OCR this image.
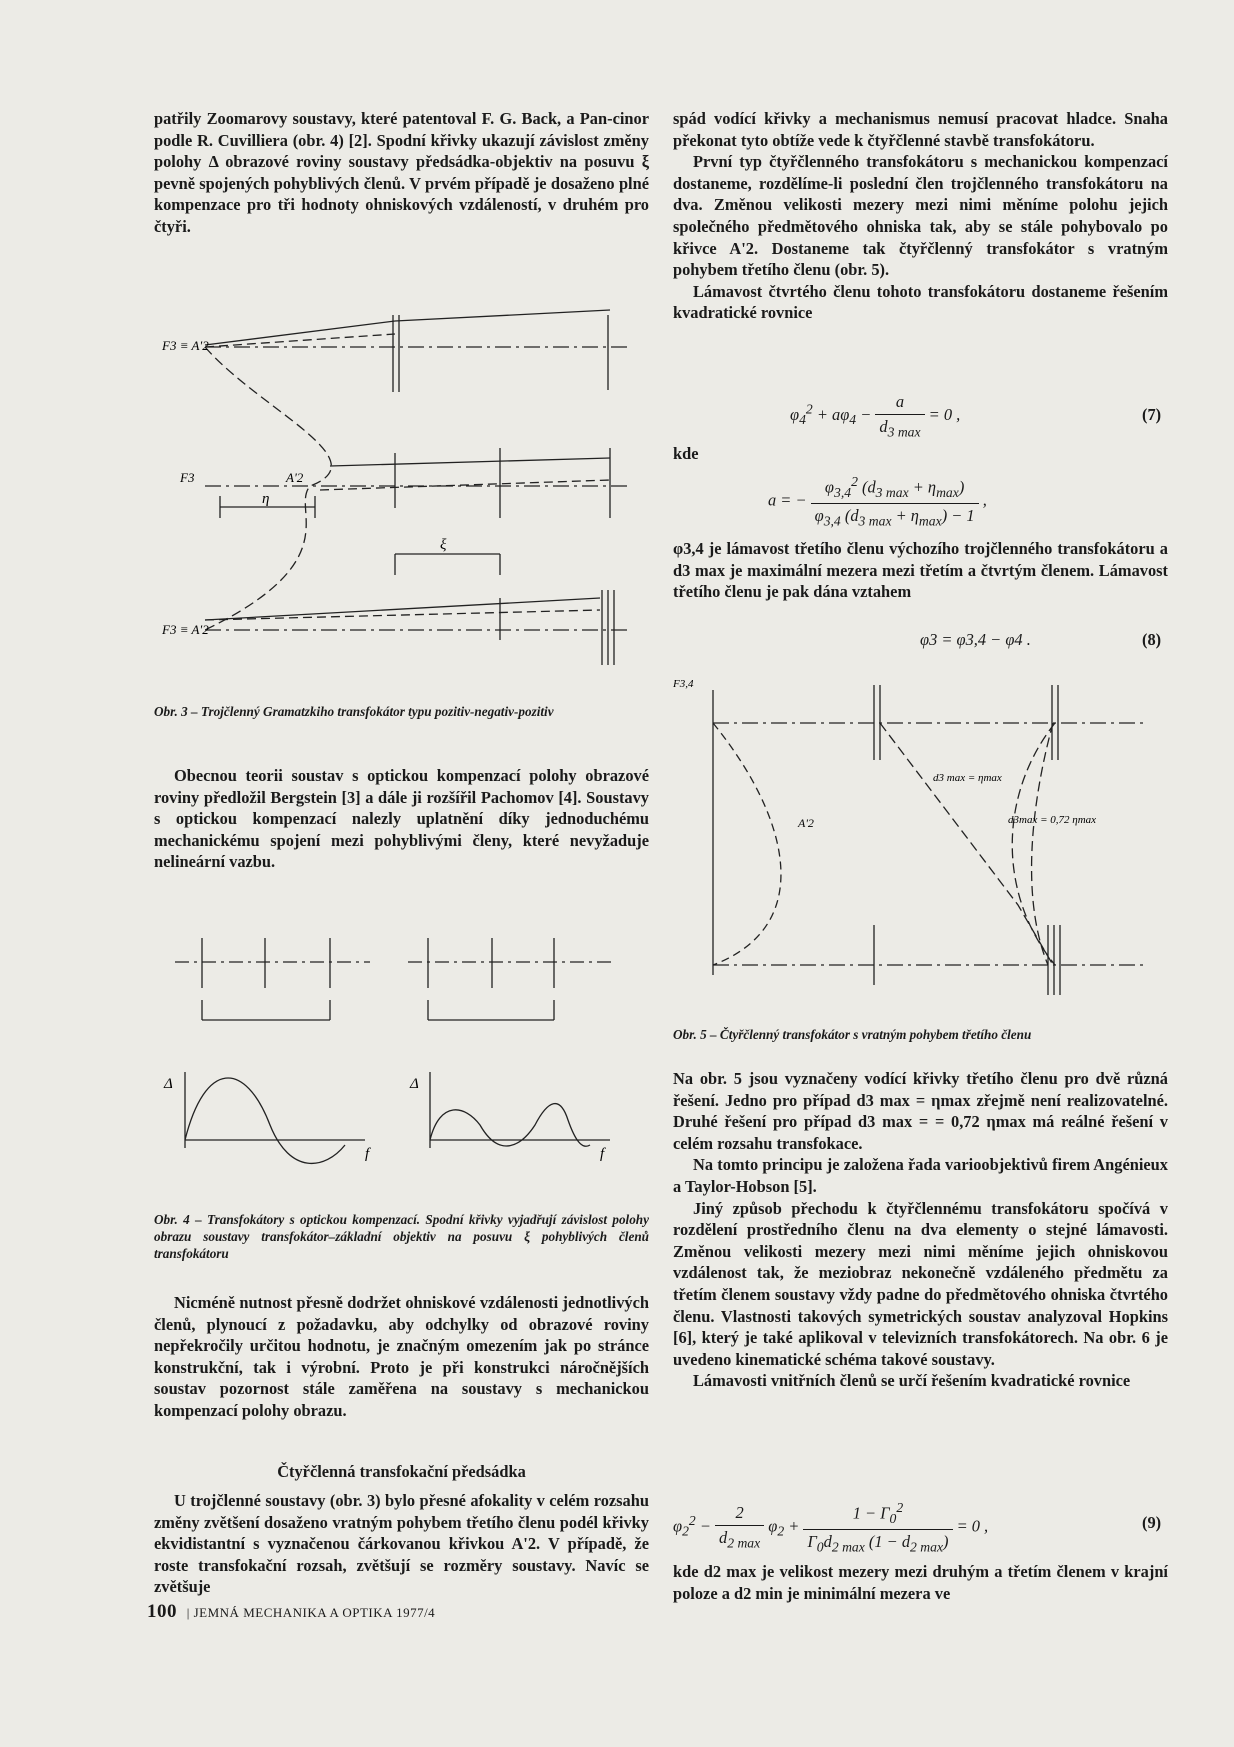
patřily Zoomarovy soustavy, které patentoval F. G. Back, a Pan-cinor podle R. Cuvilliera (obr. 4) [2]. Spodní křivky ukazují závislost změny polohy Δ obrazové roviny soustavy předsádka-objektiv na posuvu ξ pevně spojených pohyblivých členů. V prvém případě je dosaženo plné kompenzace pro tři hodnoty ohniskových vzdáleností, v druhém pro čtyři.

F3 ≡ A'2
F3	A'2
η
ξ
F3 ≡ A'2
Obr. 3 – Trojčlenný Gramatzkiho transfokátor typu pozitiv-negativ-pozitiv

Obecnou teorii soustav s optickou kompenzací polohy obrazové roviny předložil Bergstein [3] a dále ji rozšířil Pachomov [4]. Soustavy s optickou kompenzací nalezly uplatnění díky jednoduchému mechanickému spojení mezi pohyblivými členy, které nevyžaduje nelineární vazbu.

Δ
f
Δ
f
Obr. 4 – Transfokátory s optickou kompenzací. Spodní křivky vyjadřují závislost polohy obrazu soustavy transfokátor–základní objektiv na posuvu ξ pohyblivých členů transfokátoru

Nicméně nutnost přesně dodržet ohniskové vzdálenosti jednotlivých členů, plynoucí z požadavku, aby odchylky od obrazové roviny nepřekročily určitou hodnotu, je značným omezením jak po stránce konstrukční, tak i výrobní. Proto je při konstrukci náročnějších soustav pozornost stále zaměřena na soustavy s mechanickou kompenzací polohy obrazu.

Čtyřčlenná transfokační předsádka

U trojčlenné soustavy (obr. 3) bylo přesné afokality v celém rozsahu změny zvětšení dosaženo vratným pohybem třetího členu podél křivky ekvidistantní s vyznačenou čárkovanou křivkou A'2. V případě, že roste transfokační rozsah, zvětšují se rozměry soustavy. Navíc se zvětšuje

spád vodící křivky a mechanismus nemusí pracovat hladce. Snaha překonat tyto obtíže vede k čtyřčlenné stavbě transfokátoru.

První typ čtyřčlenného transfokátoru s mechanickou kompenzací dostaneme, rozdělíme-li poslední člen trojčlenného transfokátoru na dva. Změnou velikosti mezery mezi nimi měníme polohu jejich společného předmětového ohniska tak, aby se stále pohybovalo po křivce A'2. Dostaneme tak čtyřčlenný transfokátor s vratným pohybem třetího členu (obr. 5).

Lámavost čtvrtého členu tohoto transfokátoru dostaneme řešením kvadratické rovnice

$\varphi_4^2 + a\varphi_4 - \frac{a}{d_{3 max}} = 0$ ,	(7)
kde
a = − $\frac{\varphi_{3,4}^2 (d_{3 max} + \eta_{max})}{\varphi_{3,4} (d_{3 max} + \eta_{max}) - 1}$ ,

φ3,4 je lámavost třetího členu výchozího trojčlenného transfokátoru a d3 max je maximální mezera mezi třetím a čtvrtým členem. Lámavost třetího členu je pak dána vztahem

φ3 = φ3,4 − φ4 .	(8)
F3,4
A'2
d3 max = ηmax
d3max = 0,72 ηmax
Obr. 5 – Čtyřčlenný transfokátor s vratným pohybem třetího členu

Na obr. 5 jsou vyznačeny vodící křivky třetího členu pro dvě různá řešení. Jedno pro případ d3 max = ηmax zřejmě není realizovatelné. Druhé řešení pro případ d3 max = = 0,72 ηmax má reálné řešení v celém rozsahu transfokace.

Na tomto principu je založena řada varioobjektivů firem Angénieux a Taylor-Hobson [5].

Jiný způsob přechodu k čtyřčlennému transfokátoru spočívá v rozdělení prostředního členu na dva elementy o stejné lámavosti. Změnou velikosti mezery mezi nimi měníme jejich ohniskovou vzdálenost tak, že meziobraz nekonečně vzdáleného předmětu za třetím členem soustavy vždy padne do předmětového ohniska čtvrtého členu. Vlastnosti takových symetrických soustav analyzoval Hopkins [6], který je také aplikoval v televizních transfokátorech. Na obr. 6 je uvedeno kinematické schéma takové soustavy.

Lámavosti vnitřních členů se určí řešením kvadratické rovnice

$\varphi_2^2 - \frac{2}{d_{2 max}} \varphi_2 + \frac{1 - \Gamma_0^2}{\Gamma_0d_{2 max} (1 - d_{2 max})} = 0$ ,	(9)

kde d2 max je velikost mezery mezi druhým a třetím členem v krajní poloze a d2 min je minimální mezera ve

100 | JEMNÁ MECHANIKA A OPTIKA 1977/4
